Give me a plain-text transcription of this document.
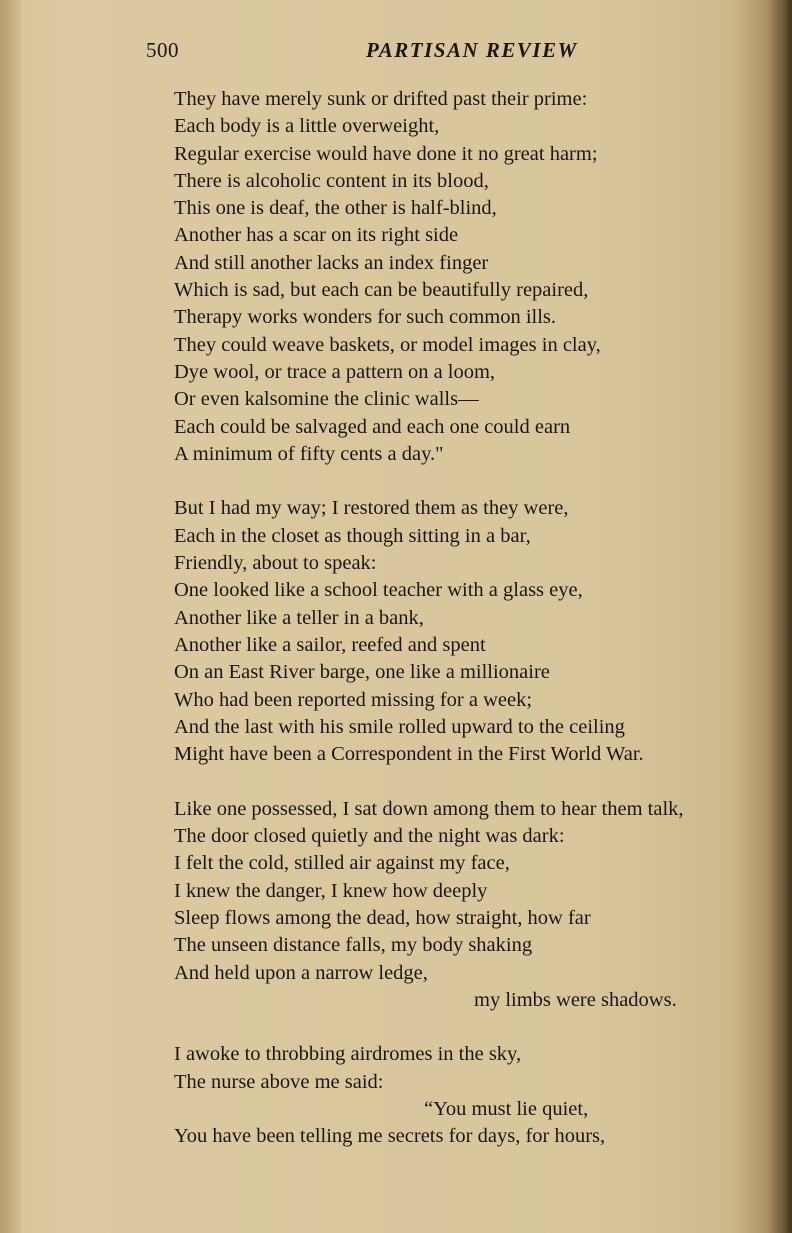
500	PARTISAN REVIEW
They have merely sunk or drifted past their prime:
Each body is a little overweight,
Regular exercise would have done it no great harm;
There is alcoholic content in its blood,
This one is deaf, the other is half-blind,
Another has a scar on its right side
And still another lacks an index finger
Which is sad, but each can be beautifully repaired,
Therapy works wonders for such common ills.
They could weave baskets, or model images in clay,
Dye wool, or trace a pattern on a loom,
Or even kalsomine the clinic walls—
Each could be salvaged and each one could earn
A minimum of fifty cents a day."
But I had my way; I restored them as they were,
Each in the closet as though sitting in a bar,
Friendly, about to speak:
One looked like a school teacher with a glass eye,
Another like a teller in a bank,
Another like a sailor, reefed and spent
On an East River barge, one like a millionaire
Who had been reported missing for a week;
And the last with his smile rolled upward to the ceiling
Might have been a Correspondent in the First World War.
Like one possessed, I sat down among them to hear them talk,
The door closed quietly and the night was dark:
I felt the cold, stilled air against my face,
I knew the danger, I knew how deeply
Sleep flows among the dead, how straight, how far
The unseen distance falls, my body shaking
And held upon a narrow ledge,
my limbs were shadows.
I awoke to throbbing airdromes in the sky,
The nurse above me said:
“You must lie quiet,
You have been telling me secrets for days, for hours,
